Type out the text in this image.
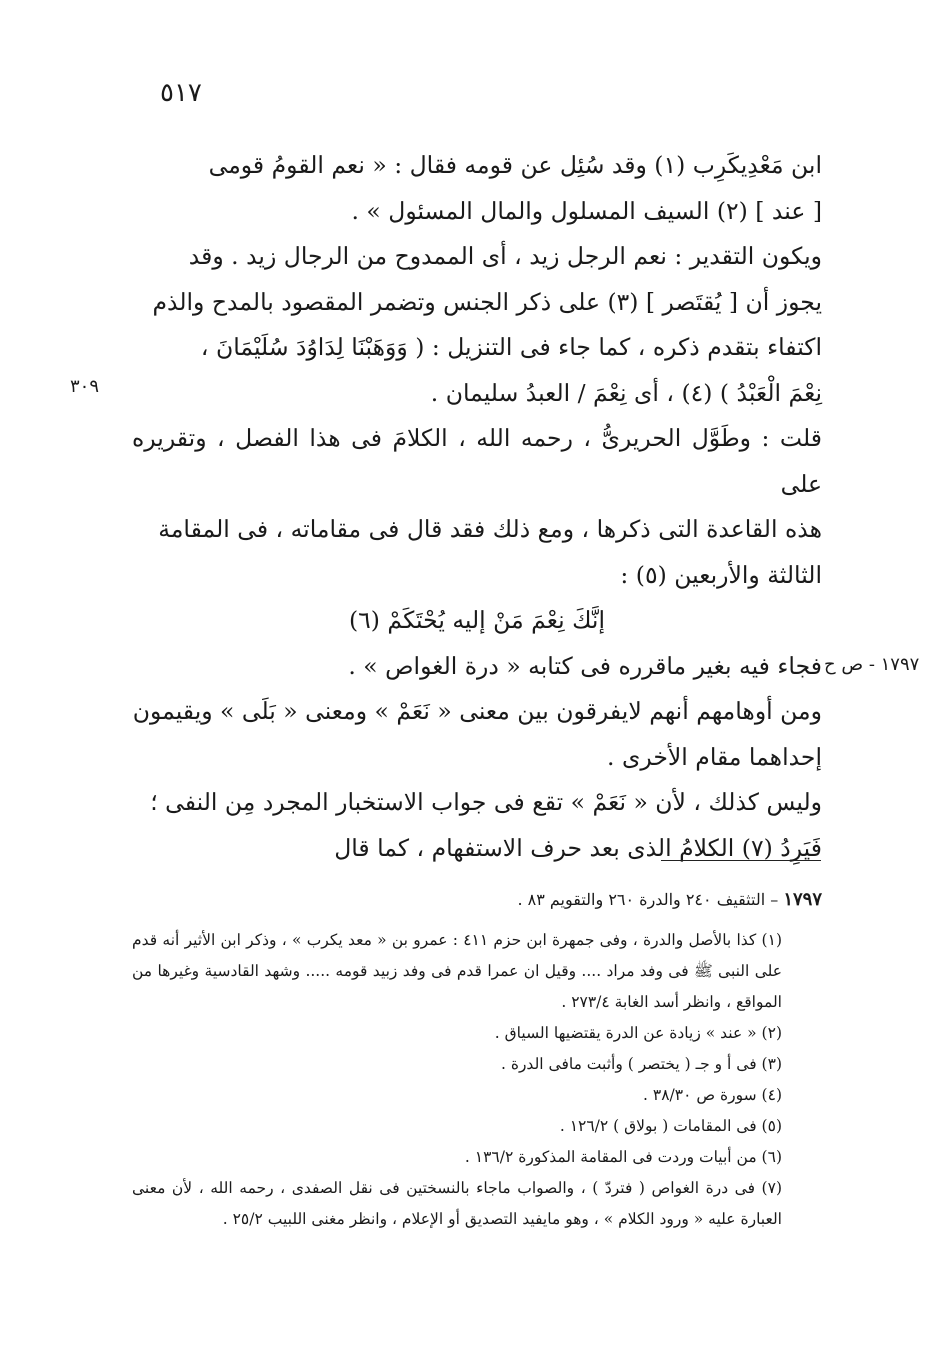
٥١٧
٣٠٩
١٧٩٧ - ص ح

ابن مَعْدِيكَرِب (١) وقد سُئِل عن قومه فقال : « نعم القومُ قومى

[ عند ] (٢) السيف المسلول والمال المسئول » .

ويكون التقدير : نعم الرجل زيد ، أى الممدوح من الرجال زيد . وقد

يجوز أن [ يُقتَصر ] (٣) على ذكر الجنس وتضمر المقصود بالمدح والذم

اكتفاء بتقدم ذكره ، كما جاء فى التنزيل : ( وَوَهَبْنَا لِدَاوُدَ سُلَيْمَانَ ،

نِعْمَ الْعَبْدُ ) (٤) ، أى نِعْمَ / العبدُ سليمان .

قلت : وطَوَّل الحريرىُّ ، رحمه الله ، الكلامَ فى هذا الفصل ، وتقريره على

هذه القاعدة التى ذكرها ، ومع ذلك فقد قال فى مقاماته ، فى المقامة

الثالثة والأربعين (٥) :

إنَّكَ نِعْمَ مَنْ إليه يُحْتَكَمْ (٦)

فجاء فيه بغير ماقرره فى كتابه « درة الغواص » .

ومن أوهامهم أنهم لايفرقون بين معنى « نَعَمْ » ومعنى « بَلَى » ويقيمون

إحداهما مقام الأخرى .

وليس كذلك ، لأن « نَعَمْ » تقع فى جواب الاستخبار المجرد مِن النفى ؛

فَيَرِدُ (٧) الكلامُ الذى بعد حرف الاستفهام ، كما قال

١٧٩٧ – التثقيف ٢٤٠ والدرة ٢٦٠ والتقويم ٨٣ .

(١) كذا بالأصل والدرة ، وفى جمهرة ابن حزم ٤١١ : عمرو بن « معد يكرب » ، وذكر ابن الأثير أنه قدم على النبى ﷺ فى وفد مراد .... وقيل ان عمرا قدم فى وفد زبيد قومه ..... وشهد القادسية وغيرها من المواقع ، وانظر أسد الغابة ٢٧٣/٤ .

(٢) « عند » زيادة عن الدرة يقتضيها السياق .

(٣) فى أ و جـ ( يختصر ) وأثبت مافى الدرة .

(٤) سورة ص ٣٨/٣٠ .

(٥) فى المقامات ( بولاق ) ١٢٦/٢ .

(٦) من أبيات وردت فى المقامة المذكورة ١٣٦/٢ .

(٧) فى درة الغواص ( فتردّ ) ، والصواب ماجاء بالنسختين فى نقل الصفدى ، رحمه الله ، لأن معنى العبارة عليه « ورود الكلام » ، وهو مايفيد التصديق أو الإعلام ، وانظر مغنى اللبيب ٢٥/٢ .
